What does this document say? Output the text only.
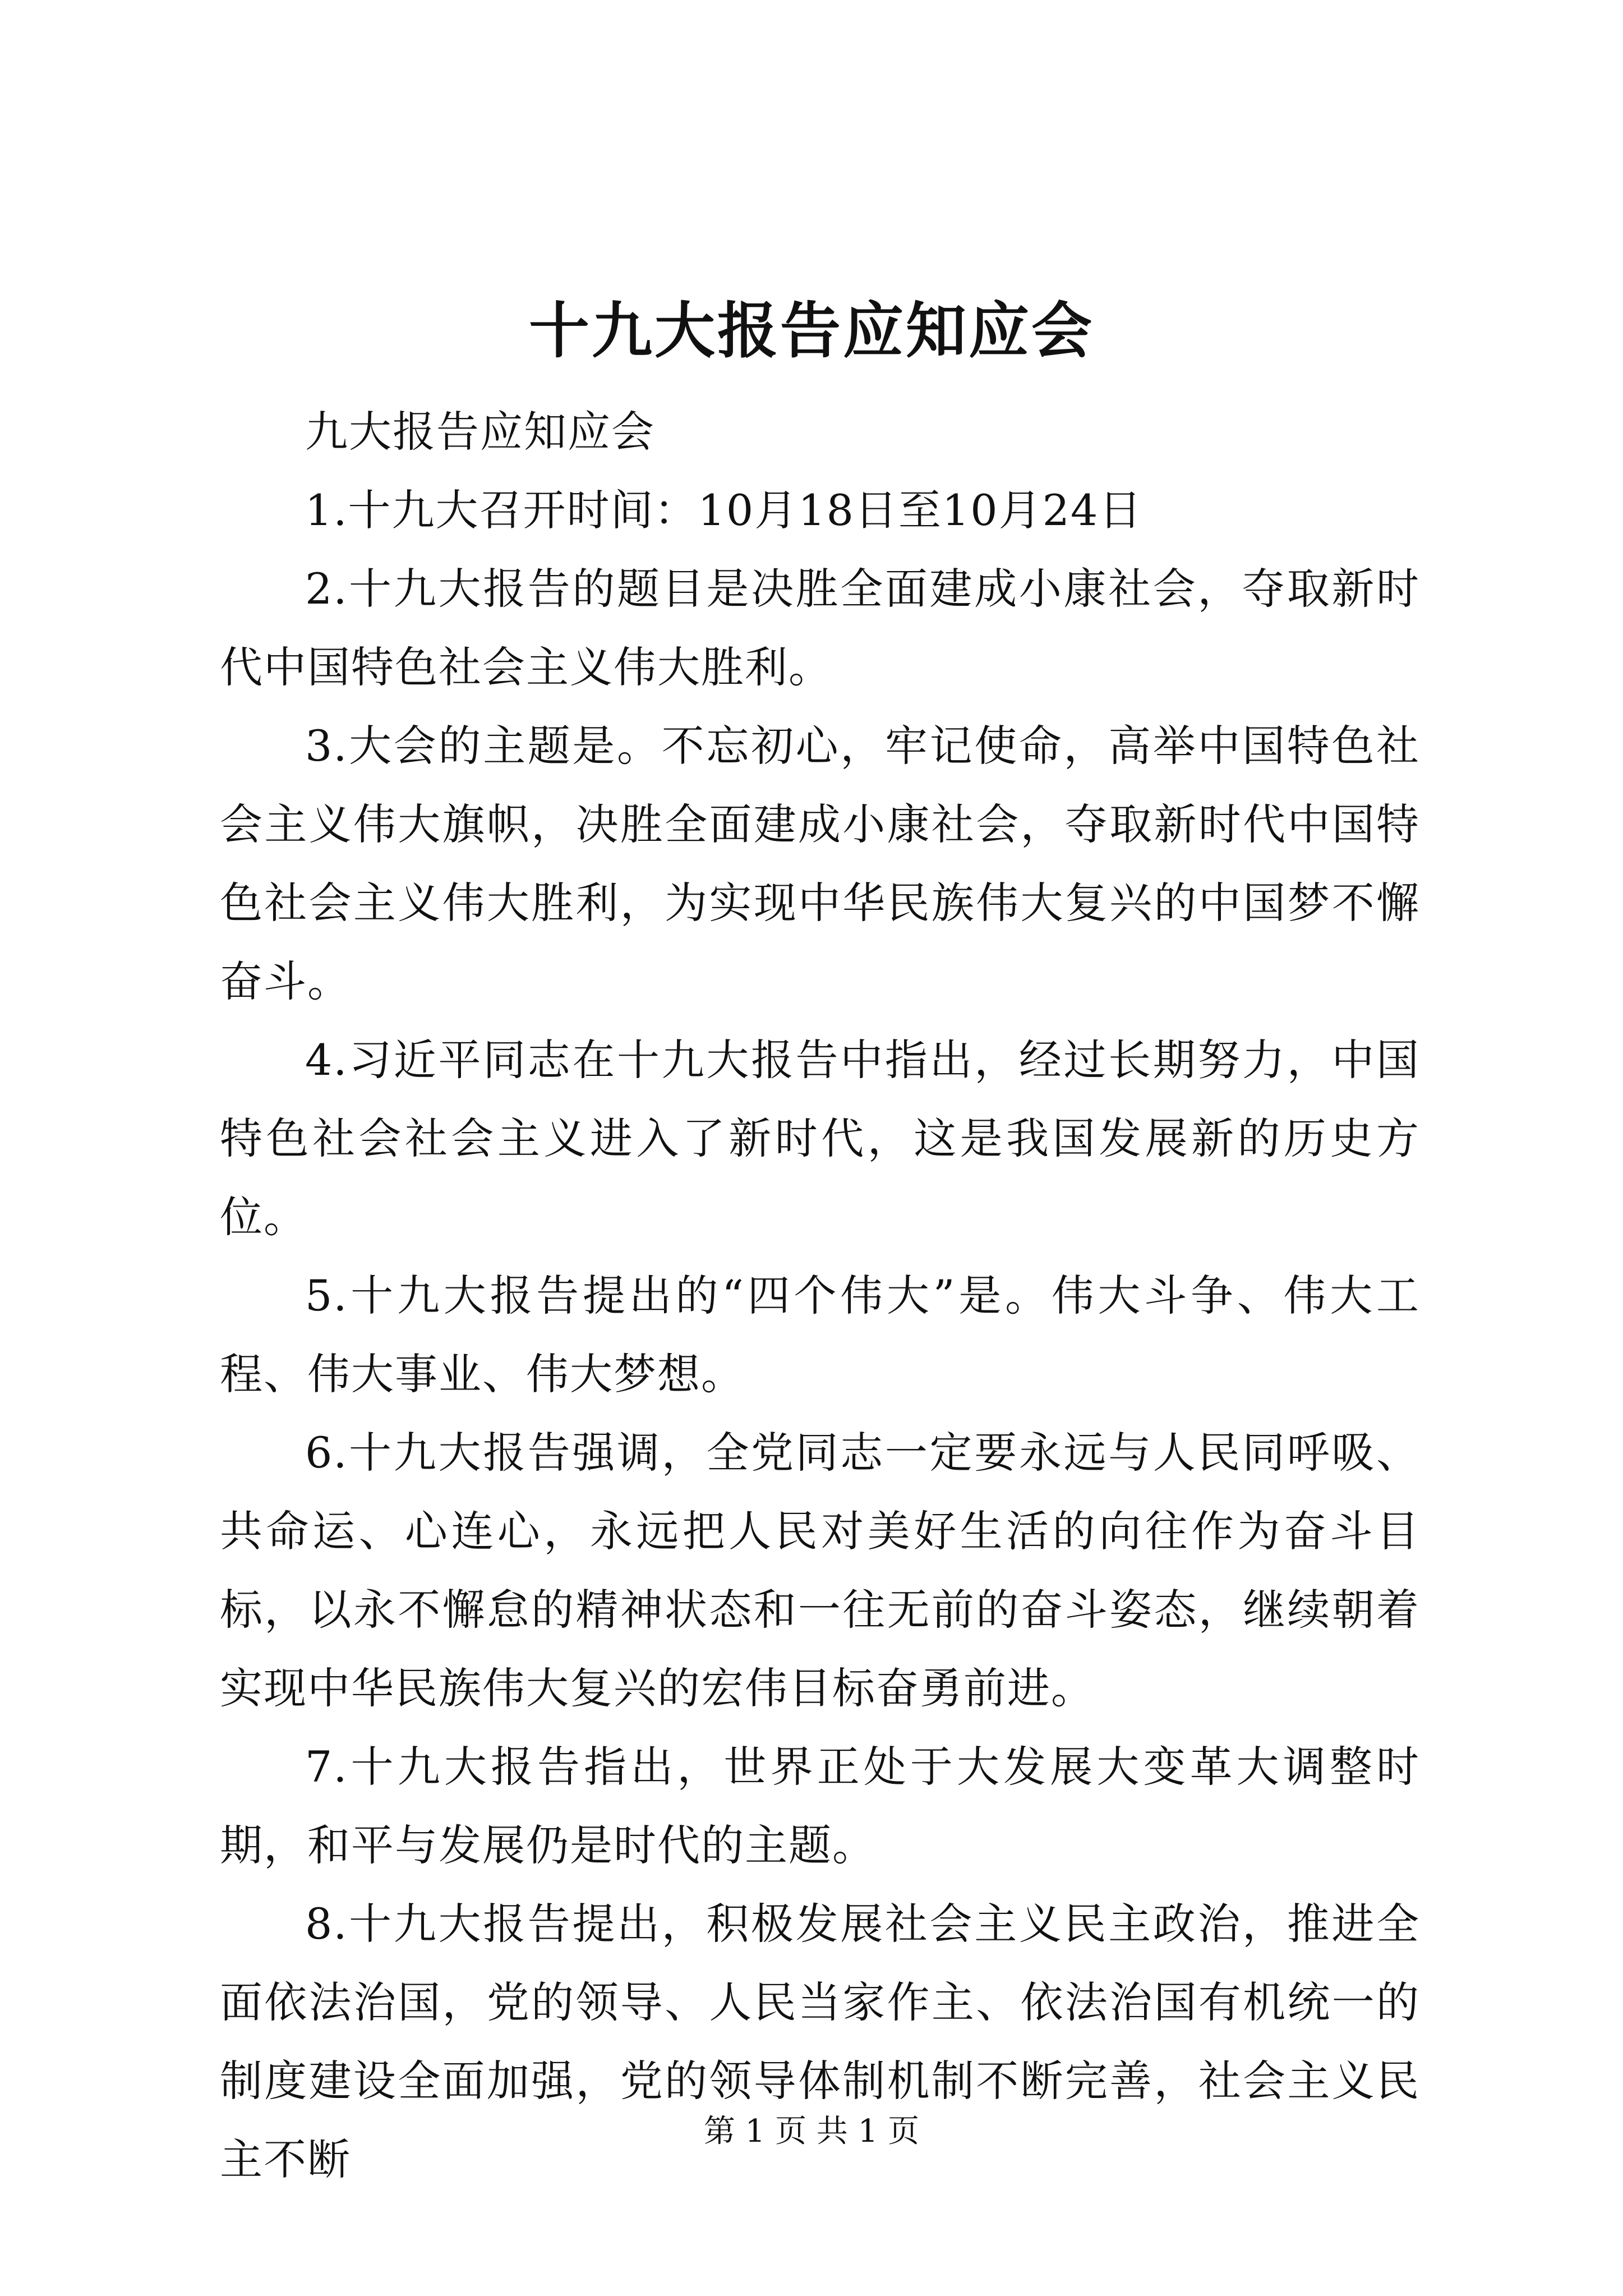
十九大报告应知应会

九大报告应知应会

1.十九大召开时间：10月18日至10月24日

2.十九大报告的题目是决胜全面建成小康社会，夺取新时代中国特色社会主义伟大胜利。

3.大会的主题是。不忘初心，牢记使命，高举中国特色社会主义伟大旗帜，决胜全面建成小康社会，夺取新时代中国特色社会主义伟大胜利，为实现中华民族伟大复兴的中国梦不懈奋斗。

4.习近平同志在十九大报告中指出，经过长期努力，中国特色社会社会主义进入了新时代，这是我国发展新的历史方位。

5.十九大报告提出的“四个伟大”是。伟大斗争、伟大工程、伟大事业、伟大梦想。

6.十九大报告强调，全党同志一定要永远与人民同呼吸、共命运、心连心，永远把人民对美好生活的向往作为奋斗目标，以永不懈怠的精神状态和一往无前的奋斗姿态，继续朝着实现中华民族伟大复兴的宏伟目标奋勇前进。

7.十九大报告指出，世界正处于大发展大变革大调整时期，和平与发展仍是时代的主题。

8.十九大报告提出，积极发展社会主义民主政治，推进全面依法治国，党的领导、人民当家作主、依法治国有机统一的制度建设全面加强，党的领导体制机制不断完善，社会主义民主不断

第 1 页 共 1 页
